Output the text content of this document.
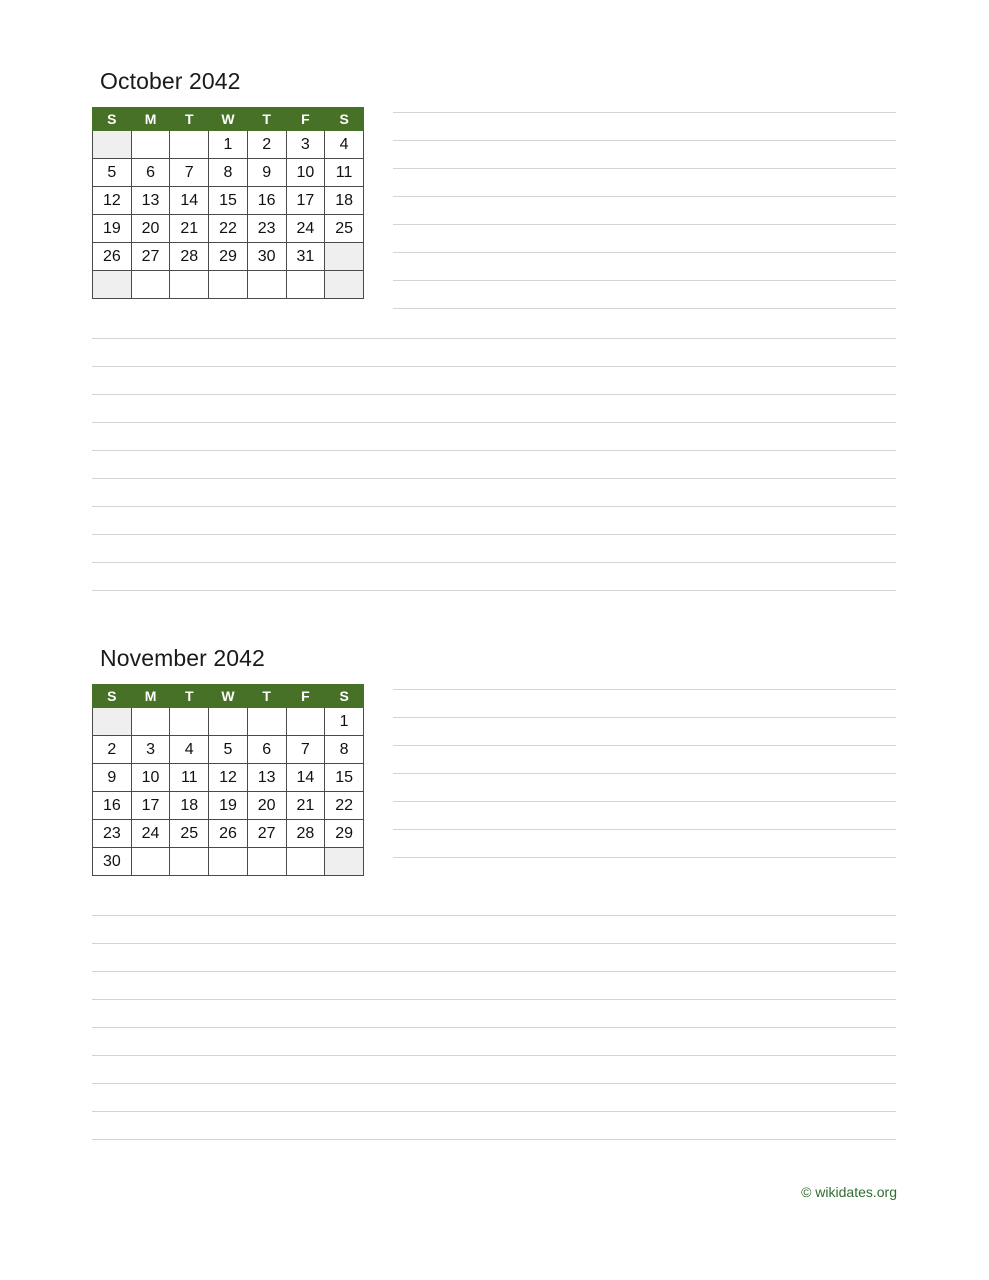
October 2042
S	M	T	W	T	F	S
			1	2	3	4
5	6	7	8	9	10	11
12	13	14	15	16	17	18
19	20	21	22	23	24	25
26	27	28	29	30	31	

November 2042
S	M	T	W	T	F	S
						1
2	3	4	5	6	7	8
9	10	11	12	13	14	15
16	17	18	19	20	21	22
23	24	25	26	27	28	29
30						
© wikidates.org
